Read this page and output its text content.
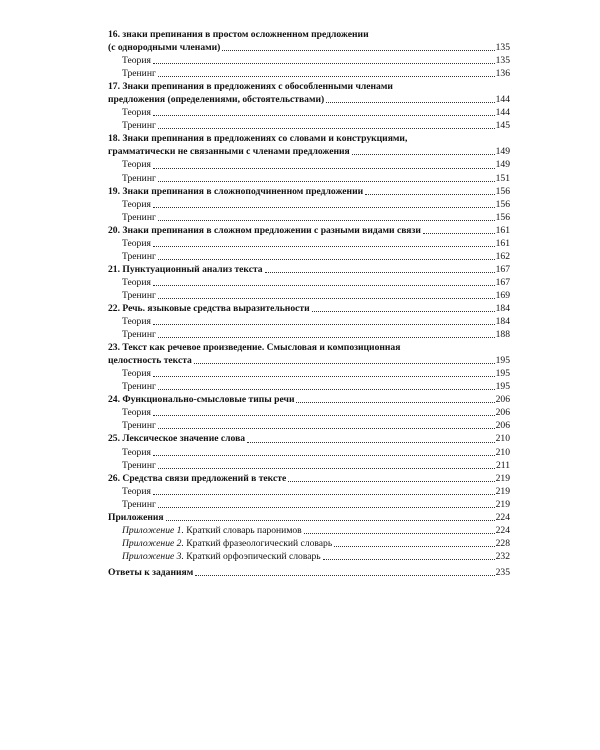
16. знаки препинания в простом осложненном предложении
(с однородными членами)	135
Теория	135
Тренинг	136
17. Знаки препинания в предложениях с обособленными членами
предложения (определениями, обстоятельствами)	144
Теория	144
Тренинг	145
18. Знаки препинания в предложениях со словами и конструкциями,
грамматически не связанными с членами предложения	149
Теория	149
Тренинг	151
19. Знаки препинания в сложноподчиненном предложении	156
Теория	156
Тренинг	156
20. Знаки препинания в сложном предложении с разными видами связи	161
Теория	161
Тренинг	162
21. Пунктуационный анализ текста	167
Теория	167
Тренинг	169
22. Речь. языковые средства выразительности	184
Теория	184
Тренинг	188
23. Текст как речевое произведение. Смысловая и композиционная
целостность текста	195
Теория	195
Тренинг	195
24. Функционально-смысловые типы речи	206
Теория	206
Тренинг	206
25. Лексическое значение слова	210
Теория	210
Тренинг	211
26. Средства связи предложений в тексте	219
Теория	219
Тренинг	219
Приложения	224
Приложение 1. Краткий словарь паронимов	224
Приложение 2. Краткий фразеологический словарь	228
Приложение 3. Краткий орфоэпический словарь	232
Ответы к заданиям	235
